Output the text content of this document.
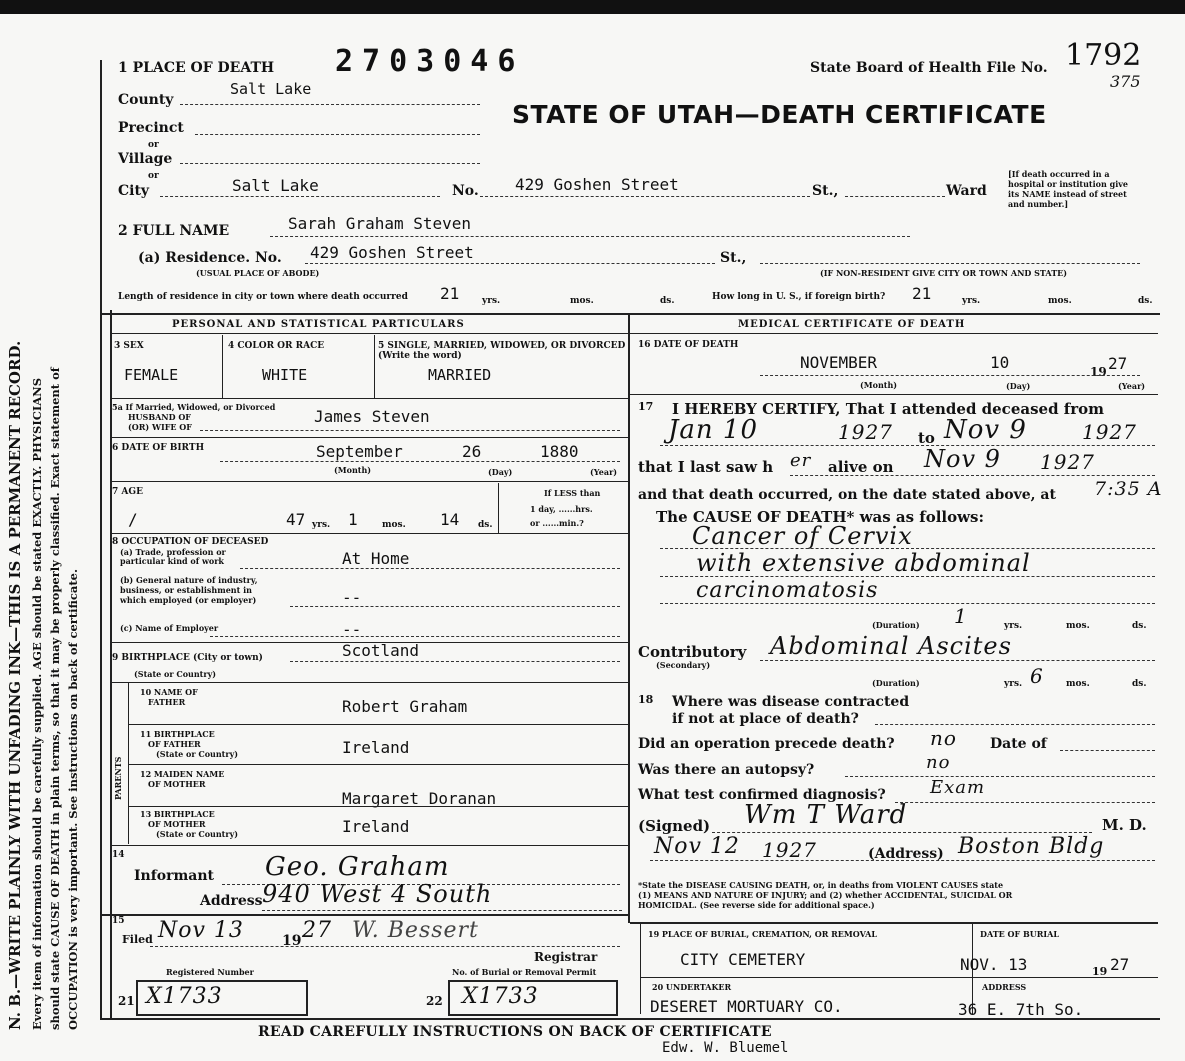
N. B.—WRITE PLAINLY WITH UNFADING INK—THIS IS A PERMANENT RECORD. Every item of information should be carefully supplied. AGE should be stated EXACTLY. PHYSICIANS should state CAUSE OF DEATH in plain terms, so that it may be properly classified. Exact statement of OCCUPATION is very important. See instructions on back of certificate.
1 PLACE OF DEATH 2703046	State Board of Health File No. 1792
375
STATE OF UTAH—DEATH CERTIFICATE
County
Salt Lake
Precinct
or
Village
or
City	Salt Lake	No. 429 Goshen Street	St.,	Ward
[If death occurred in a
hospital or institution give
its NAME instead of street
and number.]
2 FULL NAME	Sarah Graham Steven
(a) Residence. No. 429 Goshen Street	St.,
(USUAL PLACE OF ABODE)	(IF NON-RESIDENT GIVE CITY OR TOWN AND STATE)
Length of residence in city or town where death occurred 21	yrs.	mos.	ds.	How long in U. S., if foreign birth? 21	yrs.	mos.	ds.
PERSONAL AND STATISTICAL PARTICULARS
3 SEX
FEMALE
4 COLOR OR RACE
WHITE
5 SINGLE, MARRIED, WIDOWED, OR DIVORCED (Write the word)
MARRIED
5a If Married, Widowed, or Divorced
HUSBAND OF
(OR) WIFE OF
James Steven
6 DATE OF BIRTH	September	26	1880
(Month)	(Day)	(Year)
7 AGE
/	47 yrs. 1	mos. 14 ds.
If LESS than
1 day, ......hrs.
or ......min.?
8 OCCUPATION OF DECEASED
(a) Trade, profession or
particular kind of work	At Home
(b) General nature of industry,
business, or establishment in
which employed (or employer)	--
(c) Name of Employer	--
9 BIRTHPLACE (City or town)	Scotland
(State or Country)
PARENTS
10 NAME OF
FATHER	Robert Graham
11 BIRTHPLACE
OF FATHER
(State or Country)	Ireland
12 MAIDEN NAME
OF MOTHER
Margaret Doranan
13 BIRTHPLACE
OF MOTHER
(State or Country)	Ireland
14
Informant Geo. Graham
Address 940 West 4 South
15
Filed Nov 13	19 27 W. Bessert
Registrar
Registered Number
21 X1733
No. of Burial or Removal Permit
22 X1733
MEDICAL CERTIFICATE OF DEATH
16 DATE OF DEATH
NOVEMBER	10	19 27
(Month)	(Day)	(Year)
17 I HEREBY CERTIFY, That I attended deceased from
Jan 10	1927 to Nov 9	1927
that I last saw h er alive on Nov 9 1927
and that death occurred, on the date stated above, at 7:35 A
The CAUSE OF DEATH* was as follows:
Cancer of Cervix
with extensive abdominal
carcinomatosis
(Duration) 1	yrs.	mos.	ds.
Contributory
(Secondary)
Abdominal Ascites
(Duration)	yrs. 6 mos.	ds.
18 Where was disease contracted
if not at place of death?
Did an operation precede death? no Date of
Was there an autopsy?	no
What test confirmed diagnosis? Exam
(Signed) Wm T Ward	M. D.
Nov 12 1927	(Address) Boston Bldg
*State the DISEASE CAUSING DEATH, or, in deaths from VIOLENT CAUSES state
(1) MEANS AND NATURE OF INJURY; and (2) whether ACCIDENTAL, SUICIDAL OR
HOMICIDAL. (See reverse side for additional space.)
19 PLACE OF BURIAL, CREMATION, OR REMOVAL
CITY CEMETERY
DATE OF BURIAL
NOV. 13	19 27
20 UNDERTAKER
DESERET MORTUARY CO.
ADDRESS
36 E. 7th So.
READ CAREFULLY INSTRUCTIONS ON BACK OF CERTIFICATE
Edw. W. Bluemel
